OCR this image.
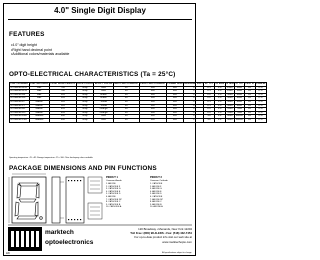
4.0" Single Digit Display
FEATURES
• 4.0" digit height
• Right hand decimal point
• Additional colors/materials available
OPTO-ELECTRICAL CHARACTERISTICS (Ta = 25°C)
PART NUMBER	CHIP MATERIAL	PEAK WAVE LENGTH	FACE COLOR	EPOXY COLOR	MAX FWD CURRENT	PEAK FWD CURRENT	POWER DISS	REVERSE VOLT	VF TYP	VF MAX	IV MIN	IV TYP	TEST IF	CONFIG
MTN4140-AHR	GaP	700	Gray	Red	30	100	120	5	2.1	2.8	2500	5000	20	C.A.
MTN4140-CHR	GaP	700	Gray	Red	30	100	120	5	2.1	2.8	2500	5000	20	C.C.
MTN4140-AG	GaP	565	Gray	Green	30	100	120	5	2.2	2.8	3000	6000	20	C.A.
MTN4140-CG	GaP	565	Gray	Green	30	100	120	5	2.2	2.8	3000	6000	20	C.C.
MTN4140-AY	GaAsP	585	Gray	Yellow	30	100	120	5	2.1	2.8	3000	6000	20	C.A.
MTN4140-CY	GaAsP	585	Gray	Yellow	30	100	120	5	2.1	2.8	3000	6000	20	C.C.
MTN4140-AO	GaAsP	635	Gray	Orange	30	100	120	5	2.0	2.8	3500	7000	20	C.A.
MTN4140-CO	GaAsP	635	Gray	Orange	30	100	120	5	2.0	2.8	3500	7000	20	C.C.
MTN4140-ASR	GaAlAs	660	Gray	Red	30	100	120	5	1.8	2.4	6000	12000	20	C.A.
MTN4140-CSR	GaAlAs	660	Gray	Red	30	100	120	5	1.8	2.4	6000	12000	20	C.C.
Operating temperature: -25~+85. Storage temperature: -25~+100. Other face/epoxy colors available.
PACKAGE DIMENSIONS AND PIN FUNCTIONS
PINOUT 1
Common Anode
1. ANODE
2. CATHODE F
3. CATHODE G
4. CATHODE E
5. CATHODE D
6. ANODE
7. CATHODE DP
8. CATHODE C
9. CATHODE B
10. CATHODE A
PINOUT 2
Common Cathode
1. CATHODE
2. ANODE F
3. ANODE G
4. ANODE E
5. ANODE D
6. CATHODE
7. ANODE DP
8. ANODE C
9. ANODE B
10. ANODE A
marktech
optoelectronics
120 Broadway • Menands, New York 12204
Toll Free: (800) 98-4LEDS • Fax: (518) 432-7454
For up-to-date product info visit our web site at www.marktechopto.com
220	All specifications subject to change.
